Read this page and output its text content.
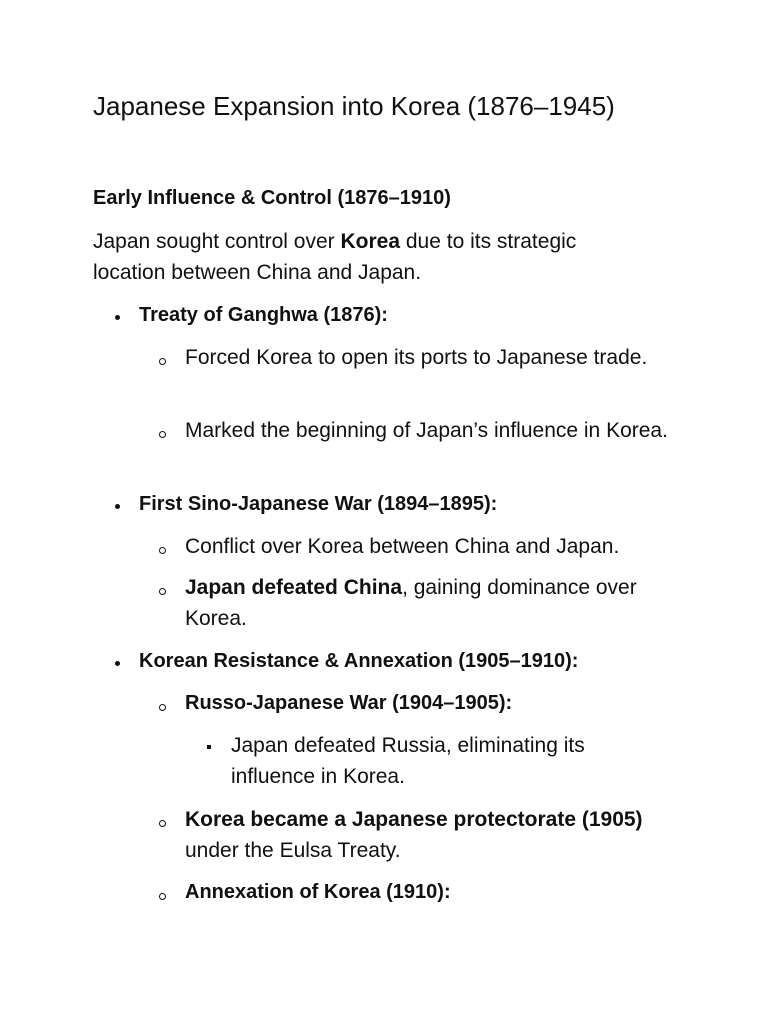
Japanese Expansion into Korea (1876–1945)
Early Influence & Control (1876–1910)

Japan sought control over Korea due to its strategic location between China and Japan.

Treaty of Ganghwa (1876):
Forced Korea to open its ports to Japanese trade.
Marked the beginning of Japan’s influence in Korea.
First Sino-Japanese War (1894–1895):
Conflict over Korea between China and Japan.
Japan defeated China, gaining dominance over Korea.
Korean Resistance & Annexation (1905–1910):
Russo-Japanese War (1904–1905):
Japan defeated Russia, eliminating its influence in Korea.
Korea became a Japanese protectorate (1905) under the Eulsa Treaty.
Annexation of Korea (1910):
